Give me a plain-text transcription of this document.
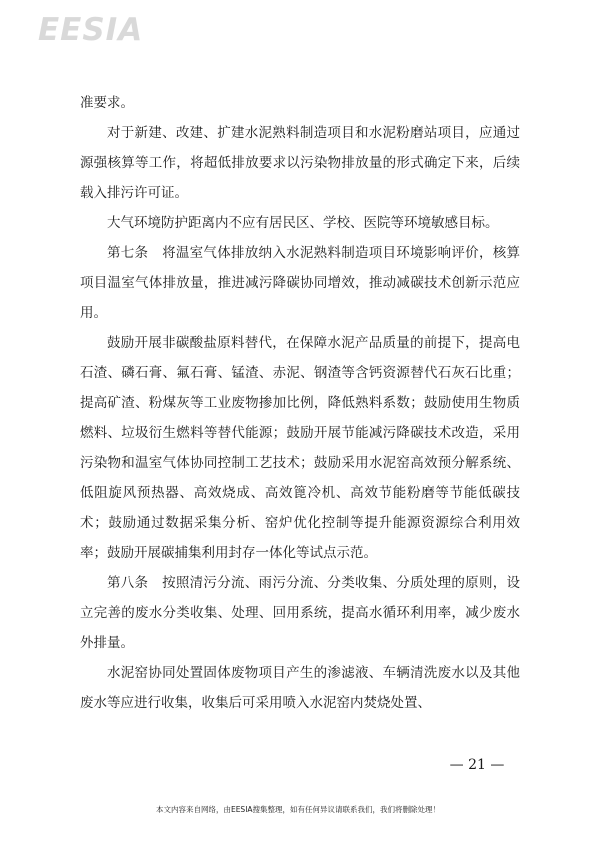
EESIA

准要求。

对于新建、改建、扩建水泥熟料制造项目和水泥粉磨站项目，应通过源强核算等工作，将超低排放要求以污染物排放量的形式确定下来，后续载入排污许可证。

大气环境防护距离内不应有居民区、学校、医院等环境敏感目标。

第七条　 将温室气体排放纳入水泥熟料制造项目环境影响评价，核算项目温室气体排放量，推进减污降碳协同增效，推动减碳技术创新示范应用。

鼓励开展非碳酸盐原料替代，在保障水泥产品质量的前提下，提高电石渣、磷石膏、氟石膏、锰渣、赤泥、钢渣等含钙资源替代石灰石比重；提高矿渣、粉煤灰等工业废物掺加比例，降低熟料系数；鼓励使用生物质燃料、垃圾衍生燃料等替代能源；鼓励开展节能减污降碳技术改造，采用污染物和温室气体协同控制工艺技术；鼓励采用水泥窑高效预分解系统、低阻旋风预热器、高效烧成、高效篦冷机、高效节能粉磨等节能低碳技术；鼓励通过数据采集分析、窑炉优化控制等提升能源资源综合利用效率；鼓励开展碳捕集利用封存一体化等试点示范。

第八条　 按照清污分流、雨污分流、分类收集、分质处理的原则，设立完善的废水分类收集、处理、回用系统，提高水循环利用率，减少废水外排量。

水泥窑协同处置固体废物项目产生的渗滤液、车辆清洗废水以及其他废水等应进行收集，收集后可采用喷入水泥窑内焚烧处置、

— 21 —
本文内容来自网络，由EESIA搜集整理，如有任何异议请联系我们，我们将删除处理！
